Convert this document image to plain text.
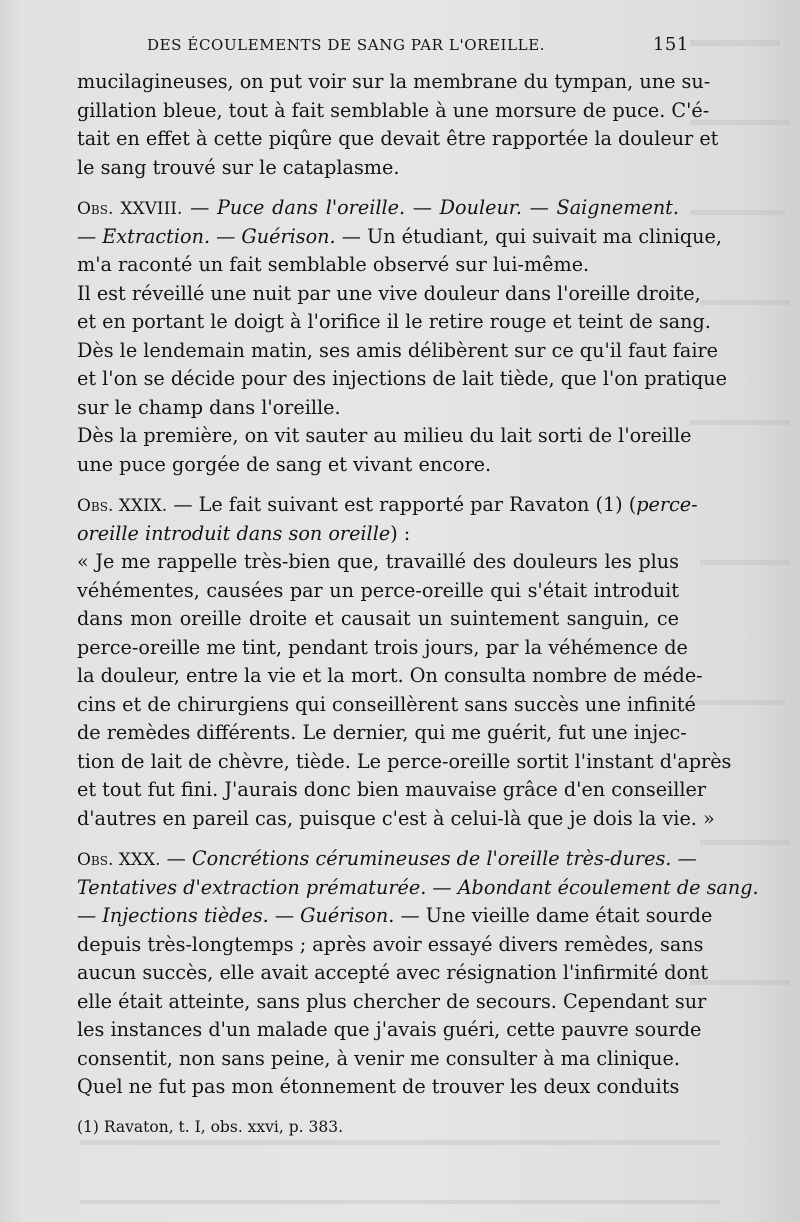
DES ÉCOULEMENTS DE SANG PAR L'OREILLE.	151
mucilagineuses, on put voir sur la membrane du tympan, une su-
gillation bleue, tout à fait semblable à une morsure de puce. C'é-
tait en effet à cette piqûre que devait être rapportée la douleur et
le sang trouvé sur le cataplasme.
Obs. XXVIII. — Puce dans l'oreille. — Douleur. — Saignement.
— Extraction. — Guérison. — Un étudiant, qui suivait ma clinique,
m'a raconté un fait semblable observé sur lui-même.
Il est réveillé une nuit par une vive douleur dans l'oreille droite,
et en portant le doigt à l'orifice il le retire rouge et teint de sang.
Dès le lendemain matin, ses amis délibèrent sur ce qu'il faut faire
et l'on se décide pour des injections de lait tiède, que l'on pratique
sur le champ dans l'oreille.
Dès la première, on vit sauter au milieu du lait sorti de l'oreille
une puce gorgée de sang et vivant encore.
Obs. XXIX. — Le fait suivant est rapporté par Ravaton (1) (perce-
oreille introduit dans son oreille) :
« Je me rappelle très-bien que, travaillé des douleurs les plus
véhémentes, causées par un perce-oreille qui s'était introduit
dans mon oreille droite et causait un suintement sanguin, ce
perce-oreille me tint, pendant trois jours, par la véhémence de
la douleur, entre la vie et la mort. On consulta nombre de méde-
cins et de chirurgiens qui conseillèrent sans succès une infinité
de remèdes différents. Le dernier, qui me guérit, fut une injec-
tion de lait de chèvre, tiède. Le perce-oreille sortit l'instant d'après
et tout fut fini. J'aurais donc bien mauvaise grâce d'en conseiller
d'autres en pareil cas, puisque c'est à celui-là que je dois la vie. »
Obs. XXX. — Concrétions cérumineuses de l'oreille très-dures. —
Tentatives d'extraction prématurée. — Abondant écoulement de sang.
— Injections tièdes. — Guérison. — Une vieille dame était sourde
depuis très-longtemps ; après avoir essayé divers remèdes, sans
aucun succès, elle avait accepté avec résignation l'infirmité dont
elle était atteinte, sans plus chercher de secours. Cependant sur
les instances d'un malade que j'avais guéri, cette pauvre sourde
consentit, non sans peine, à venir me consulter à ma clinique.
Quel ne fut pas mon étonnement de trouver les deux conduits
(1) Ravaton, t. I, obs. xxvi, p. 383.
